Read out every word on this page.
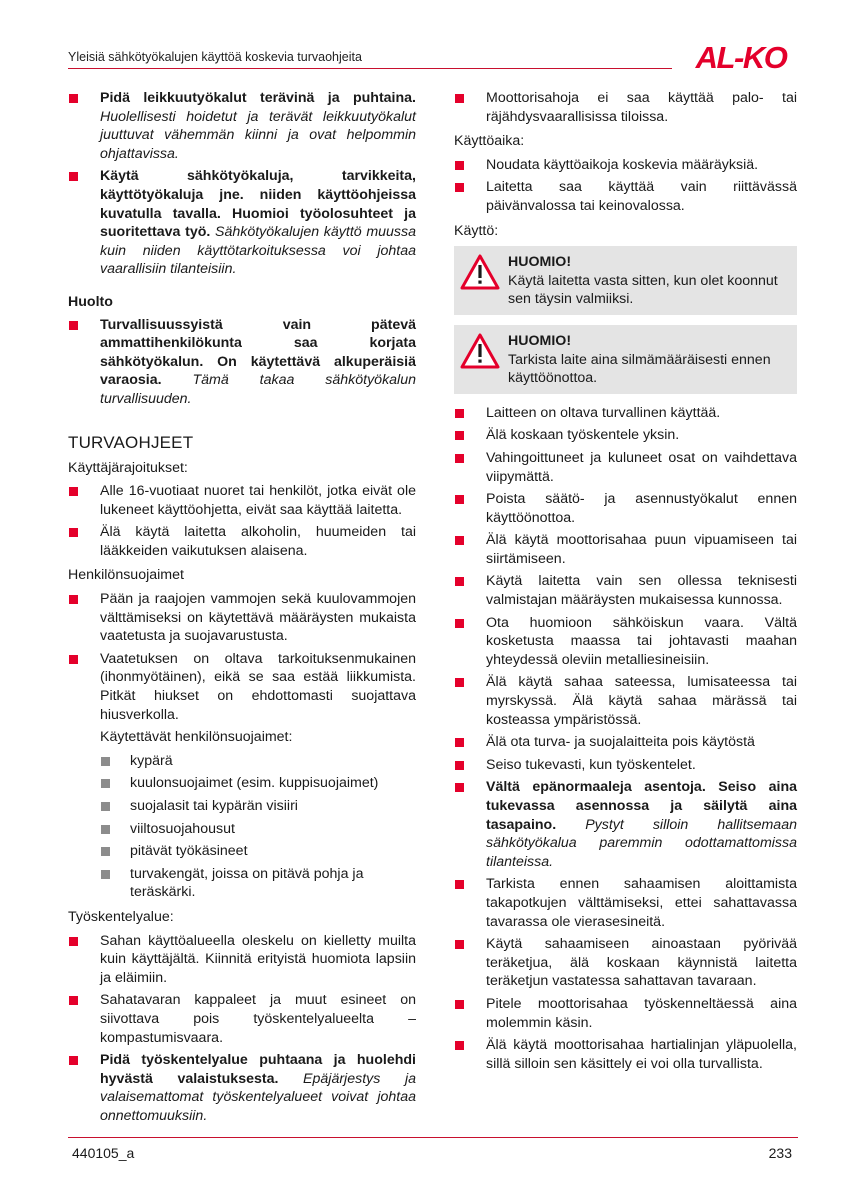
Yleisiä sähkötyökalujen käyttöä koskevia turvaohjeita	AL-KO
Pidä leikkuutyökalut terävinä ja puhtaina. Huolellisesti hoidetut ja terävät leikkuutyökalut juuttuvat vähemmän kiinni ja ovat helpommin ohjattavissa.
Käytä sähkötyökaluja, tarvikkeita, käyttötyökaluja jne. niiden käyttöohjeissa kuvatulla tavalla. Huomioi työolosuhteet ja suoritettava työ. Sähkötyökalujen käyttö muussa kuin niiden käyttötarkoituksessa voi johtaa vaarallisiin tilanteisiin.
Huolto
Turvallisuussyistä vain pätevä ammattihenkilökunta saa korjata sähkötyökalun. On käytettävä alkuperäisiä varaosia. Tämä takaa sähkötyökalun turvallisuuden.
TURVAOHJEET
Käyttäjärajoitukset:
Alle 16-vuotiaat nuoret tai henkilöt, jotka eivät ole lukeneet käyttöohjetta, eivät saa käyttää laitetta.
Älä käytä laitetta alkoholin, huumeiden tai lääkkeiden vaikutuksen alaisena.
Henkilönsuojaimet
Pään ja raajojen vammojen sekä kuulovammojen välttämiseksi on käytettävä määräysten mukaista vaatetusta ja suojavarustusta.
Vaatetuksen on oltava tarkoituksenmukainen (ihonmyötäinen), eikä se saa estää liikkumista. Pitkät hiukset on ehdottomasti suojattava hiusverkolla.
Käytettävät henkilönsuojaimet:
kypärä
kuulonsuojaimet (esim. kuppisuojaimet)
suojalasit tai kypärän visiiri
viiltosuojahousut
pitävät työkäsineet
turvakengät, joissa on pitävä pohja ja teräskärki.
Työskentelyalue:
Sahan käyttöalueella oleskelu on kielletty muilta kuin käyttäjältä. Kiinnitä erityistä huomiota lapsiin ja eläimiin.
Sahatavaran kappaleet ja muut esineet on siivottava pois työskentelyalueelta – kompastumisvaara.
Pidä työskentelyalue puhtaana ja huolehdi hyvästä valaistuksesta. Epäjärjestys ja valaisemattomat työskentelyalueet voivat johtaa onnettomuuksiin.
Moottorisahoja ei saa käyttää palo- tai räjähdysvaarallisissa tiloissa.
Käyttöaika:
Noudata käyttöaikoja koskevia määräyksiä.
Laitetta saa käyttää vain riittävässä päivänvalossa tai keinovalossa.
Käyttö:
HUOMIO!
Käytä laitetta vasta sitten, kun olet koonnut sen täysin valmiiksi.
HUOMIO!
Tarkista laite aina silmämääräisesti ennen käyttöönottoa.
Laitteen on oltava turvallinen käyttää.
Älä koskaan työskentele yksin.
Vahingoittuneet ja kuluneet osat on vaihdettava viipymättä.
Poista säätö- ja asennustyökalut ennen käyttöönottoa.
Älä käytä moottorisahaa puun vipuamiseen tai siirtämiseen.
Käytä laitetta vain sen ollessa teknisesti valmistajan määräysten mukaisessa kunnossa.
Ota huomioon sähköiskun vaara. Vältä kosketusta maassa tai johtavasti maahan yhteydessä oleviin metalliesineisiin.
Älä käytä sahaa sateessa, lumisateessa tai myrskyssä. Älä käytä sahaa märässä tai kosteassa ympäristössä.
Älä ota turva- ja suojalaitteita pois käytöstä
Seiso tukevasti, kun työskentelet.
Vältä epänormaaleja asentoja. Seiso aina tukevassa asennossa ja säilytä aina tasapaino. Pystyt silloin hallitsemaan sähkötyökalua paremmin odottamattomissa tilanteissa.
Tarkista ennen sahaamisen aloittamista takapotkujen välttämiseksi, ettei sahattavassa tavarassa ole vierasesineitä.
Käytä sahaamiseen ainoastaan pyörivää teräketjua, älä koskaan käynnistä laitetta teräketjun vastatessa sahattavan tavaraan.
Pitele moottorisahaa työskenneltäessä aina molemmin käsin.
Älä käytä moottorisahaa hartialinjan yläpuolella, sillä silloin sen käsittely ei voi olla turvallista.
440105_a	233
